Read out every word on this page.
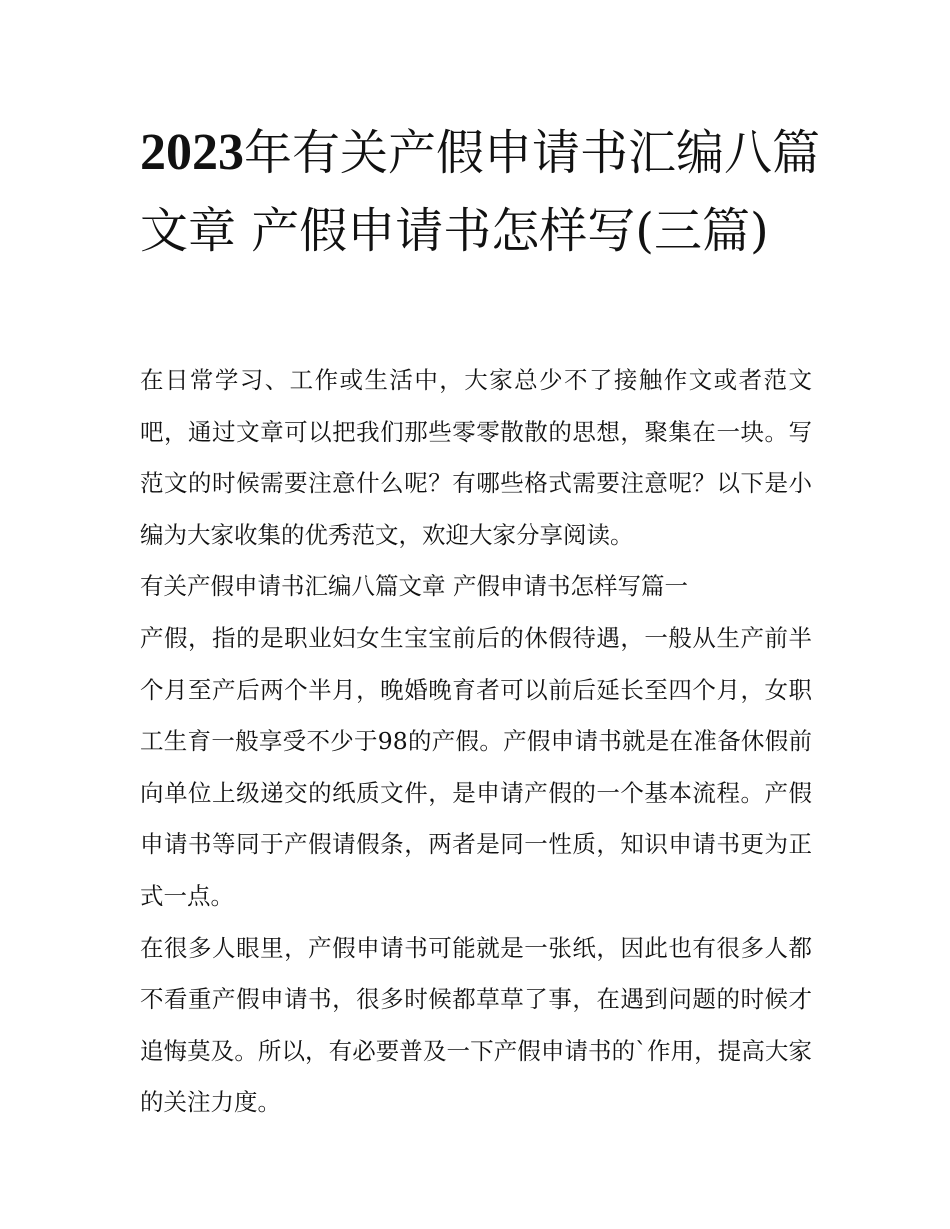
2023年有关产假申请书汇编八篇文章 产假申请书怎样写(三篇)

在日常学习、工作或生活中，大家总少不了接触作文或者范文吧，通过文章可以把我们那些零零散散的思想，聚集在一块。写范文的时候需要注意什么呢？有哪些格式需要注意呢？以下是小编为大家收集的优秀范文，欢迎大家分享阅读。

有关产假申请书汇编八篇文章 产假申请书怎样写篇一

产假，指的是职业妇女生宝宝前后的休假待遇，一般从生产前半个月至产后两个半月，晚婚晚育者可以前后延长至四个月，女职工生育一般享受不少于98的产假。产假申请书就是在准备休假前向单位上级递交的纸质文件，是申请产假的一个基本流程。产假申请书等同于产假请假条，两者是同一性质，知识申请书更为正式一点。

在很多人眼里，产假申请书可能就是一张纸，因此也有很多人都不看重产假申请书，很多时候都草草了事，在遇到问题的时候才追悔莫及。所以，有必要普及一下产假申请书的`作用，提高大家的关注力度。
